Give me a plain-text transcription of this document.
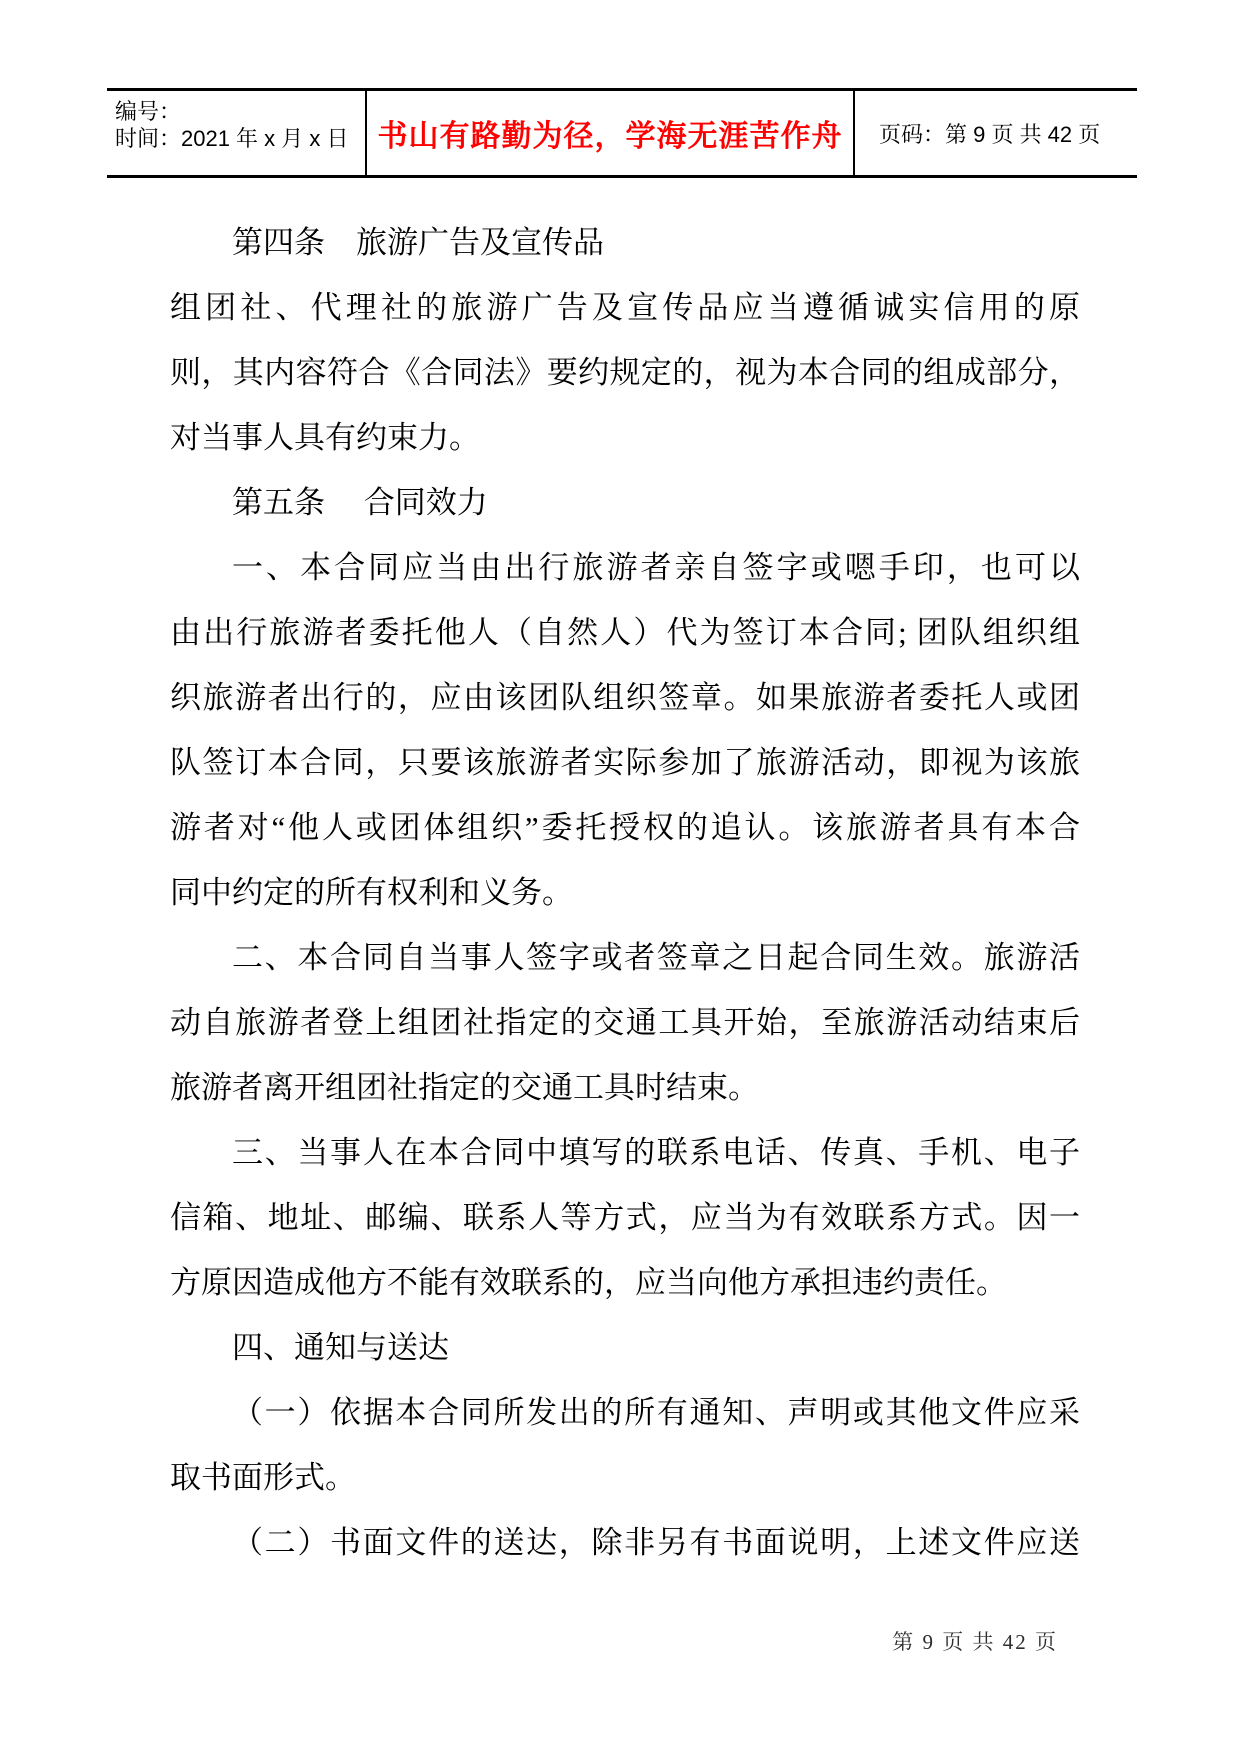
编号：
时间：2021 年 x 月 x 日 书山有路勤为径，学海无涯苦作舟 页码：第 9 页 共 42 页
第四条　旅游广告及宣传品
组团社、代理社的旅游广告及宣传品应当遵循诚实信用的原
则，其内容符合《合同法》要约规定的，视为本合同的组成部分，
对当事人具有约束力。
第五条　 合同效力
一、本合同应当由出行旅游者亲自签字或嗯手印，也可以
由出行旅游者委托他人（自然人）代为签订本合同; 团队组织组
织旅游者出行的，应由该团队组织签章。如果旅游者委托人或团
队签订本合同，只要该旅游者实际参加了旅游活动，即视为该旅
游者对“他人或团体组织”委托授权的追认。该旅游者具有本合
同中约定的所有权利和义务。
二、本合同自当事人签字或者签章之日起合同生效。旅游活
动自旅游者登上组团社指定的交通工具开始，至旅游活动结束后
旅游者离开组团社指定的交通工具时结束。
三、当事人在本合同中填写的联系电话、传真、手机、电子
信箱、地址、邮编、联系人等方式，应当为有效联系方式。因一
方原因造成他方不能有效联系的，应当向他方承担违约责任。
四、通知与送达
（一）依据本合同所发出的所有通知、声明或其他文件应采
取书面形式。
（二）书面文件的送达，除非另有书面说明，上述文件应送
第 9 页 共 42 页
